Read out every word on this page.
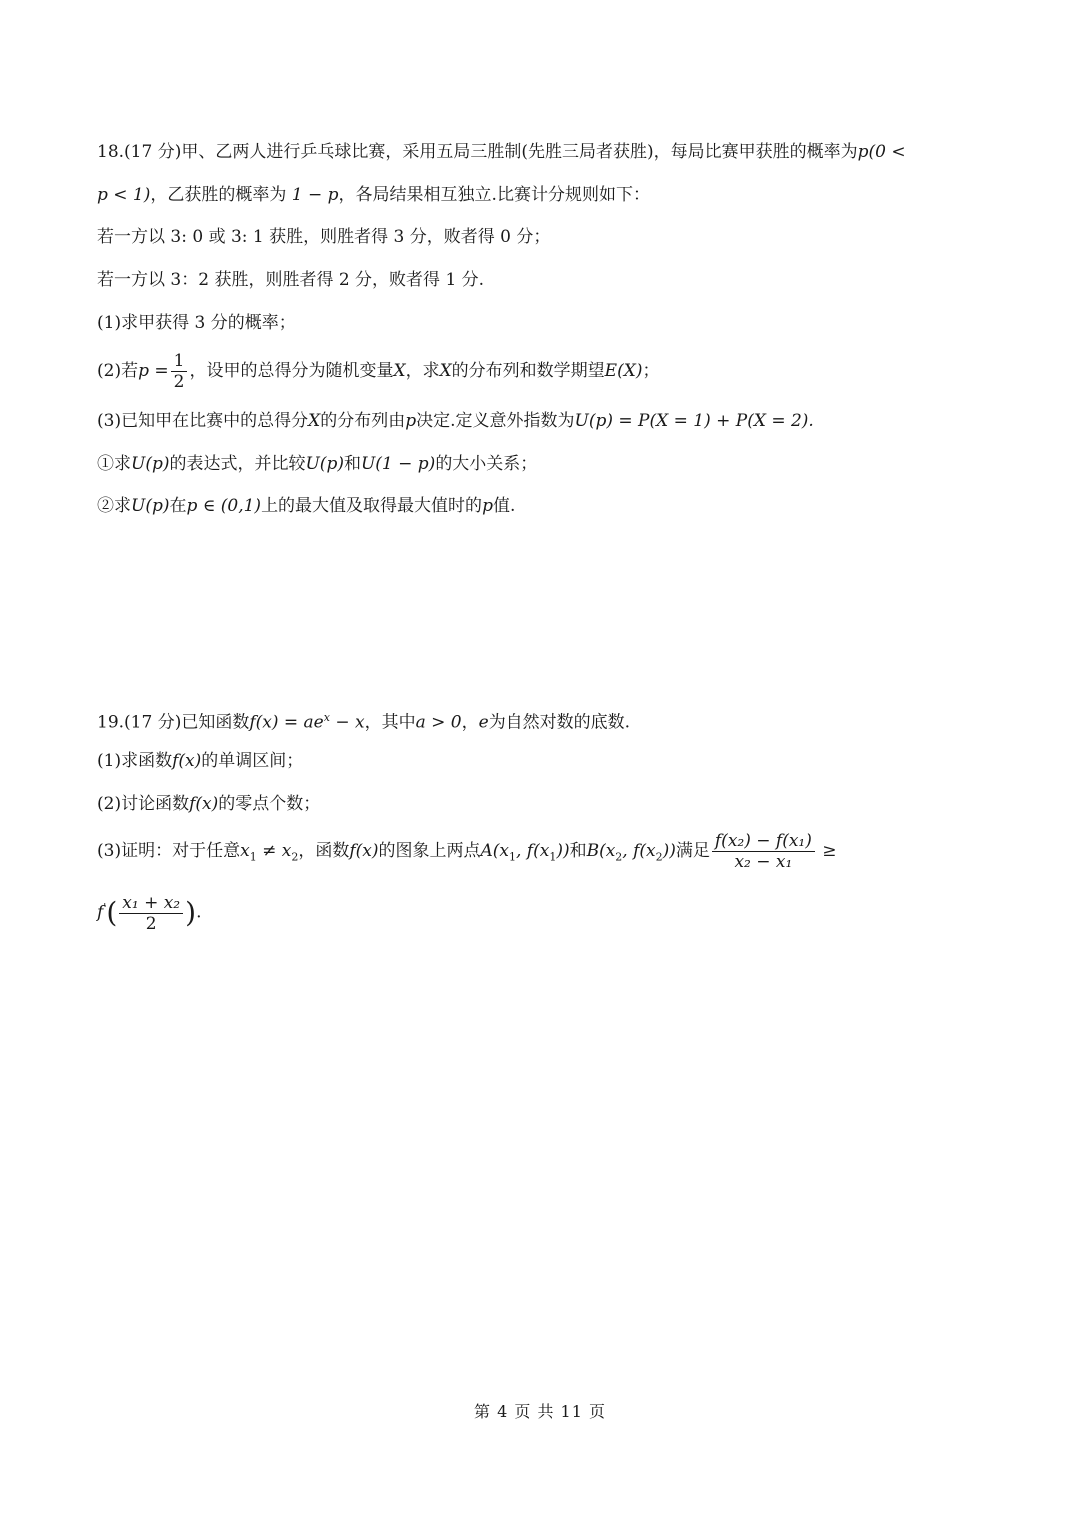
18.(17 分)甲、乙两人进行乒乓球比赛，采用五局三胜制(先胜三局者获胜)，每局比赛甲获胜的概率为p(0 <
p < 1)，乙获胜的概率为 1 − p，各局结果相互独立.比赛计分规则如下：
若一方以 3: 0 或 3: 1 获胜，则胜者得 3 分，败者得 0 分；
若一方以 3：2 获胜，则胜者得 2 分，败者得 1 分.
(1)求甲获得 3 分的概率；
(2)若$p = \frac{1}{2}$ ，设甲的总得分为随机变量X，求X的分布列和数学期望E(X)；
(3)已知甲在比赛中的总得分X的分布列由p决定.定义意外指数为U(p) = P(X = 1) + P(X = 2).
①求U(p)的表达式，并比较U(p)和U(1 − p)的大小关系；
②求U(p)在p ∈ (0,1)上的最大值及取得最大值时的p值.
19.(17 分)已知函数$f(x) = ae^x - x$，其中a > 0，e为自然对数的底数.
(1)求函数f(x)的单调区间；
(2)讨论函数f(x)的零点个数；
(3)证明：对于任意$x_1 \ne x_2$，函数f(x)的图象上两点$A(x_1$, $f(x_1)$)和$B(x_2$, $f(x_2)$)满足 $\frac{\text{f(x₂) − f(x₁)}}{\text{x₂ − x₁}}$ ≥
$f'( \frac{\text{x₁ + x₂}}{2}$ ).
第 4 页 共 11 页
